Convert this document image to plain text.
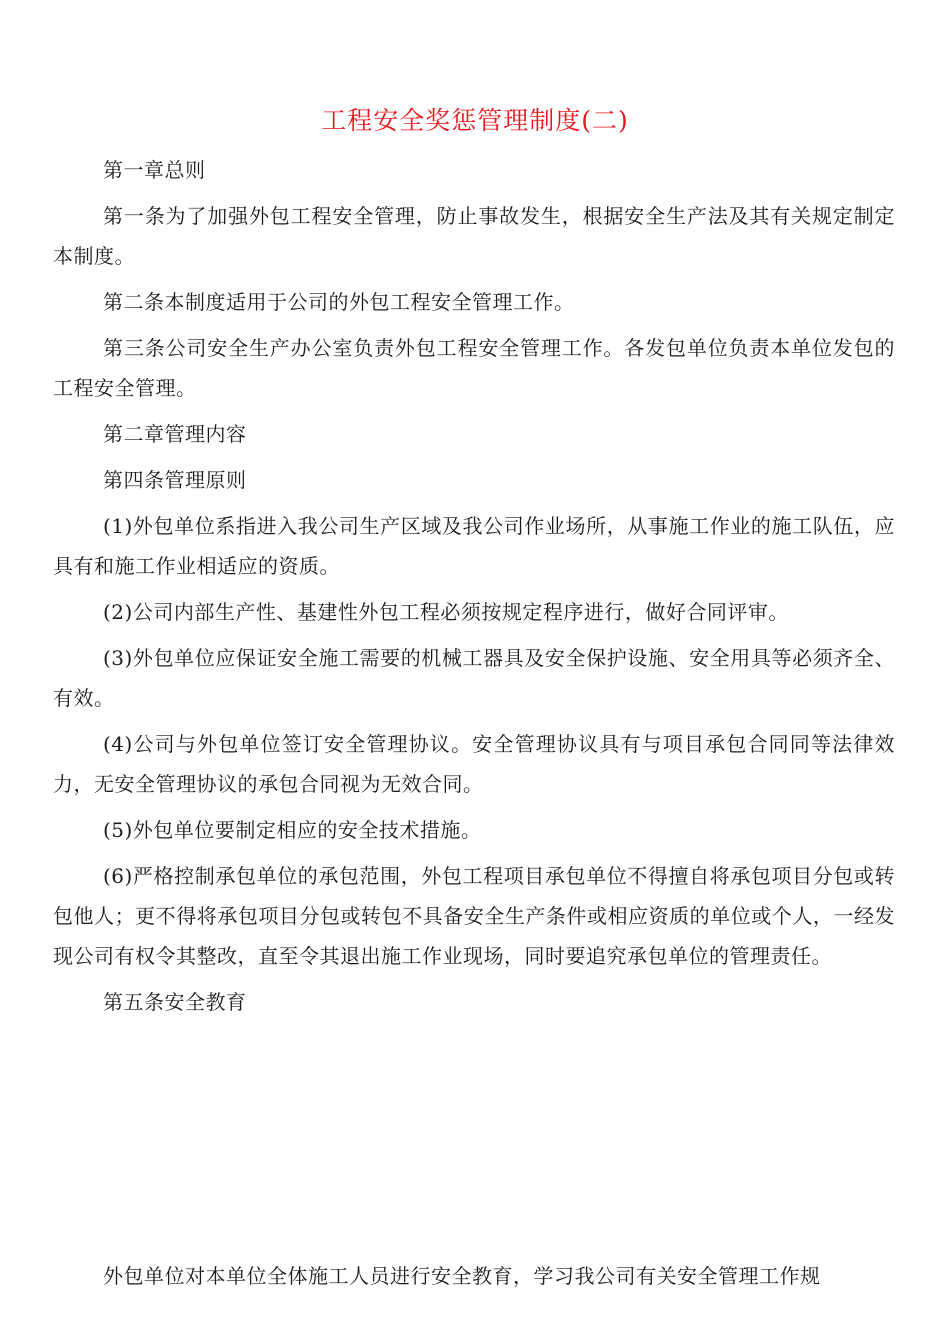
工程安全奖惩管理制度(二)

第一章总则

第一条为了加强外包工程安全管理，防止事故发生，根据安全生产法及其有关规定制定本制度。

第二条本制度适用于公司的外包工程安全管理工作。

第三条公司安全生产办公室负责外包工程安全管理工作。各发包单位负责本单位发包的工程安全管理。

第二章管理内容

第四条管理原则

(1)外包单位系指进入我公司生产区域及我公司作业场所，从事施工作业的施工队伍，应具有和施工作业相适应的资质。

(2)公司内部生产性、基建性外包工程必须按规定程序进行，做好合同评审。

(3)外包单位应保证安全施工需要的机械工器具及安全保护设施、安全用具等必须齐全、有效。

(4)公司与外包单位签订安全管理协议。安全管理协议具有与项目承包合同同等法律效力，无安全管理协议的承包合同视为无效合同。

(5)外包单位要制定相应的安全技术措施。

(6)严格控制承包单位的承包范围，外包工程项目承包单位不得擅自将承包项目分包或转包他人；更不得将承包项目分包或转包不具备安全生产条件或相应资质的单位或个人，一经发现公司有权令其整改，直至令其退出施工作业现场，同时要追究承包单位的管理责任。

第五条安全教育

外包单位对本单位全体施工人员进行安全教育，学习我公司有关安全管理工作规
